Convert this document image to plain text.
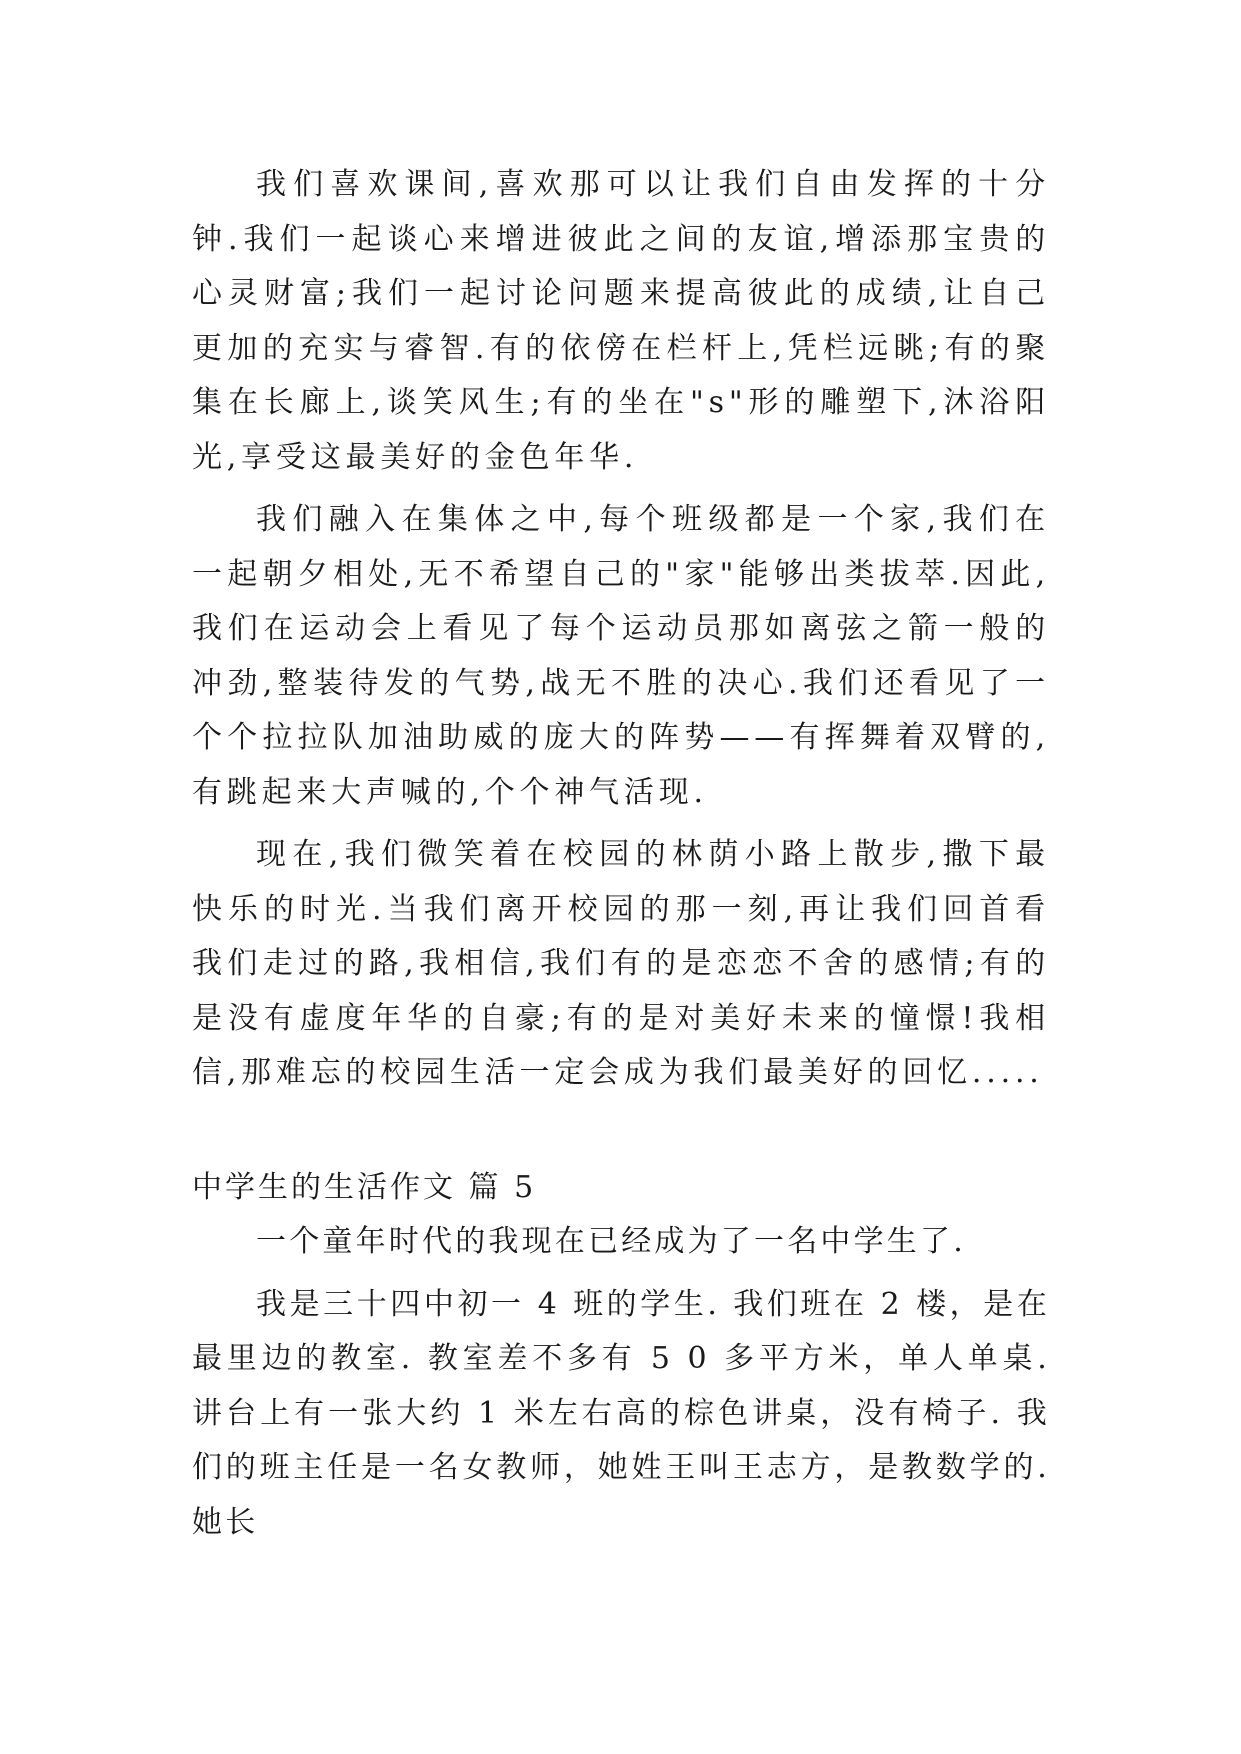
我们喜欢课间,喜欢那可以让我们自由发挥的十分钟.我们一起谈心来增进彼此之间的友谊,增添那宝贵的心灵财富;我们一起讨论问题来提高彼此的成绩,让自己更加的充实与睿智.有的依傍在栏杆上,凭栏远眺;有的聚集在长廊上,谈笑风生;有的坐在"s"形的雕塑下,沐浴阳光,享受这最美好的金色年华.

我们融入在集体之中,每个班级都是一个家,我们在一起朝夕相处,无不希望自己的"家"能够出类拔萃.因此,我们在运动会上看见了每个运动员那如离弦之箭一般的冲劲,整装待发的气势,战无不胜的决心.我们还看见了一个个拉拉队加油助威的庞大的阵势——有挥舞着双臂的,有跳起来大声喊的,个个神气活现.

现在,我们微笑着在校园的林荫小路上散步,撒下最快乐的时光.当我们离开校园的那一刻,再让我们回首看我们走过的路,我相信,我们有的是恋恋不舍的感情;有的是没有虚度年华的自豪;有的是对美好未来的憧憬!我相信,那难忘的校园生活一定会成为我们最美好的回忆.....

中学生的生活作文 篇 5

一个童年时代的我现在已经成为了一名中学生了.

我是三十四中初一 4 班的学生. 我们班在 2 楼，是在最里边的教室. 教室差不多有 5 0 多平方米，单人单桌. 讲台上有一张大约 1 米左右高的棕色讲桌，没有椅子. 我们的班主任是一名女教师，她姓王叫王志方，是教数学的. 她长
